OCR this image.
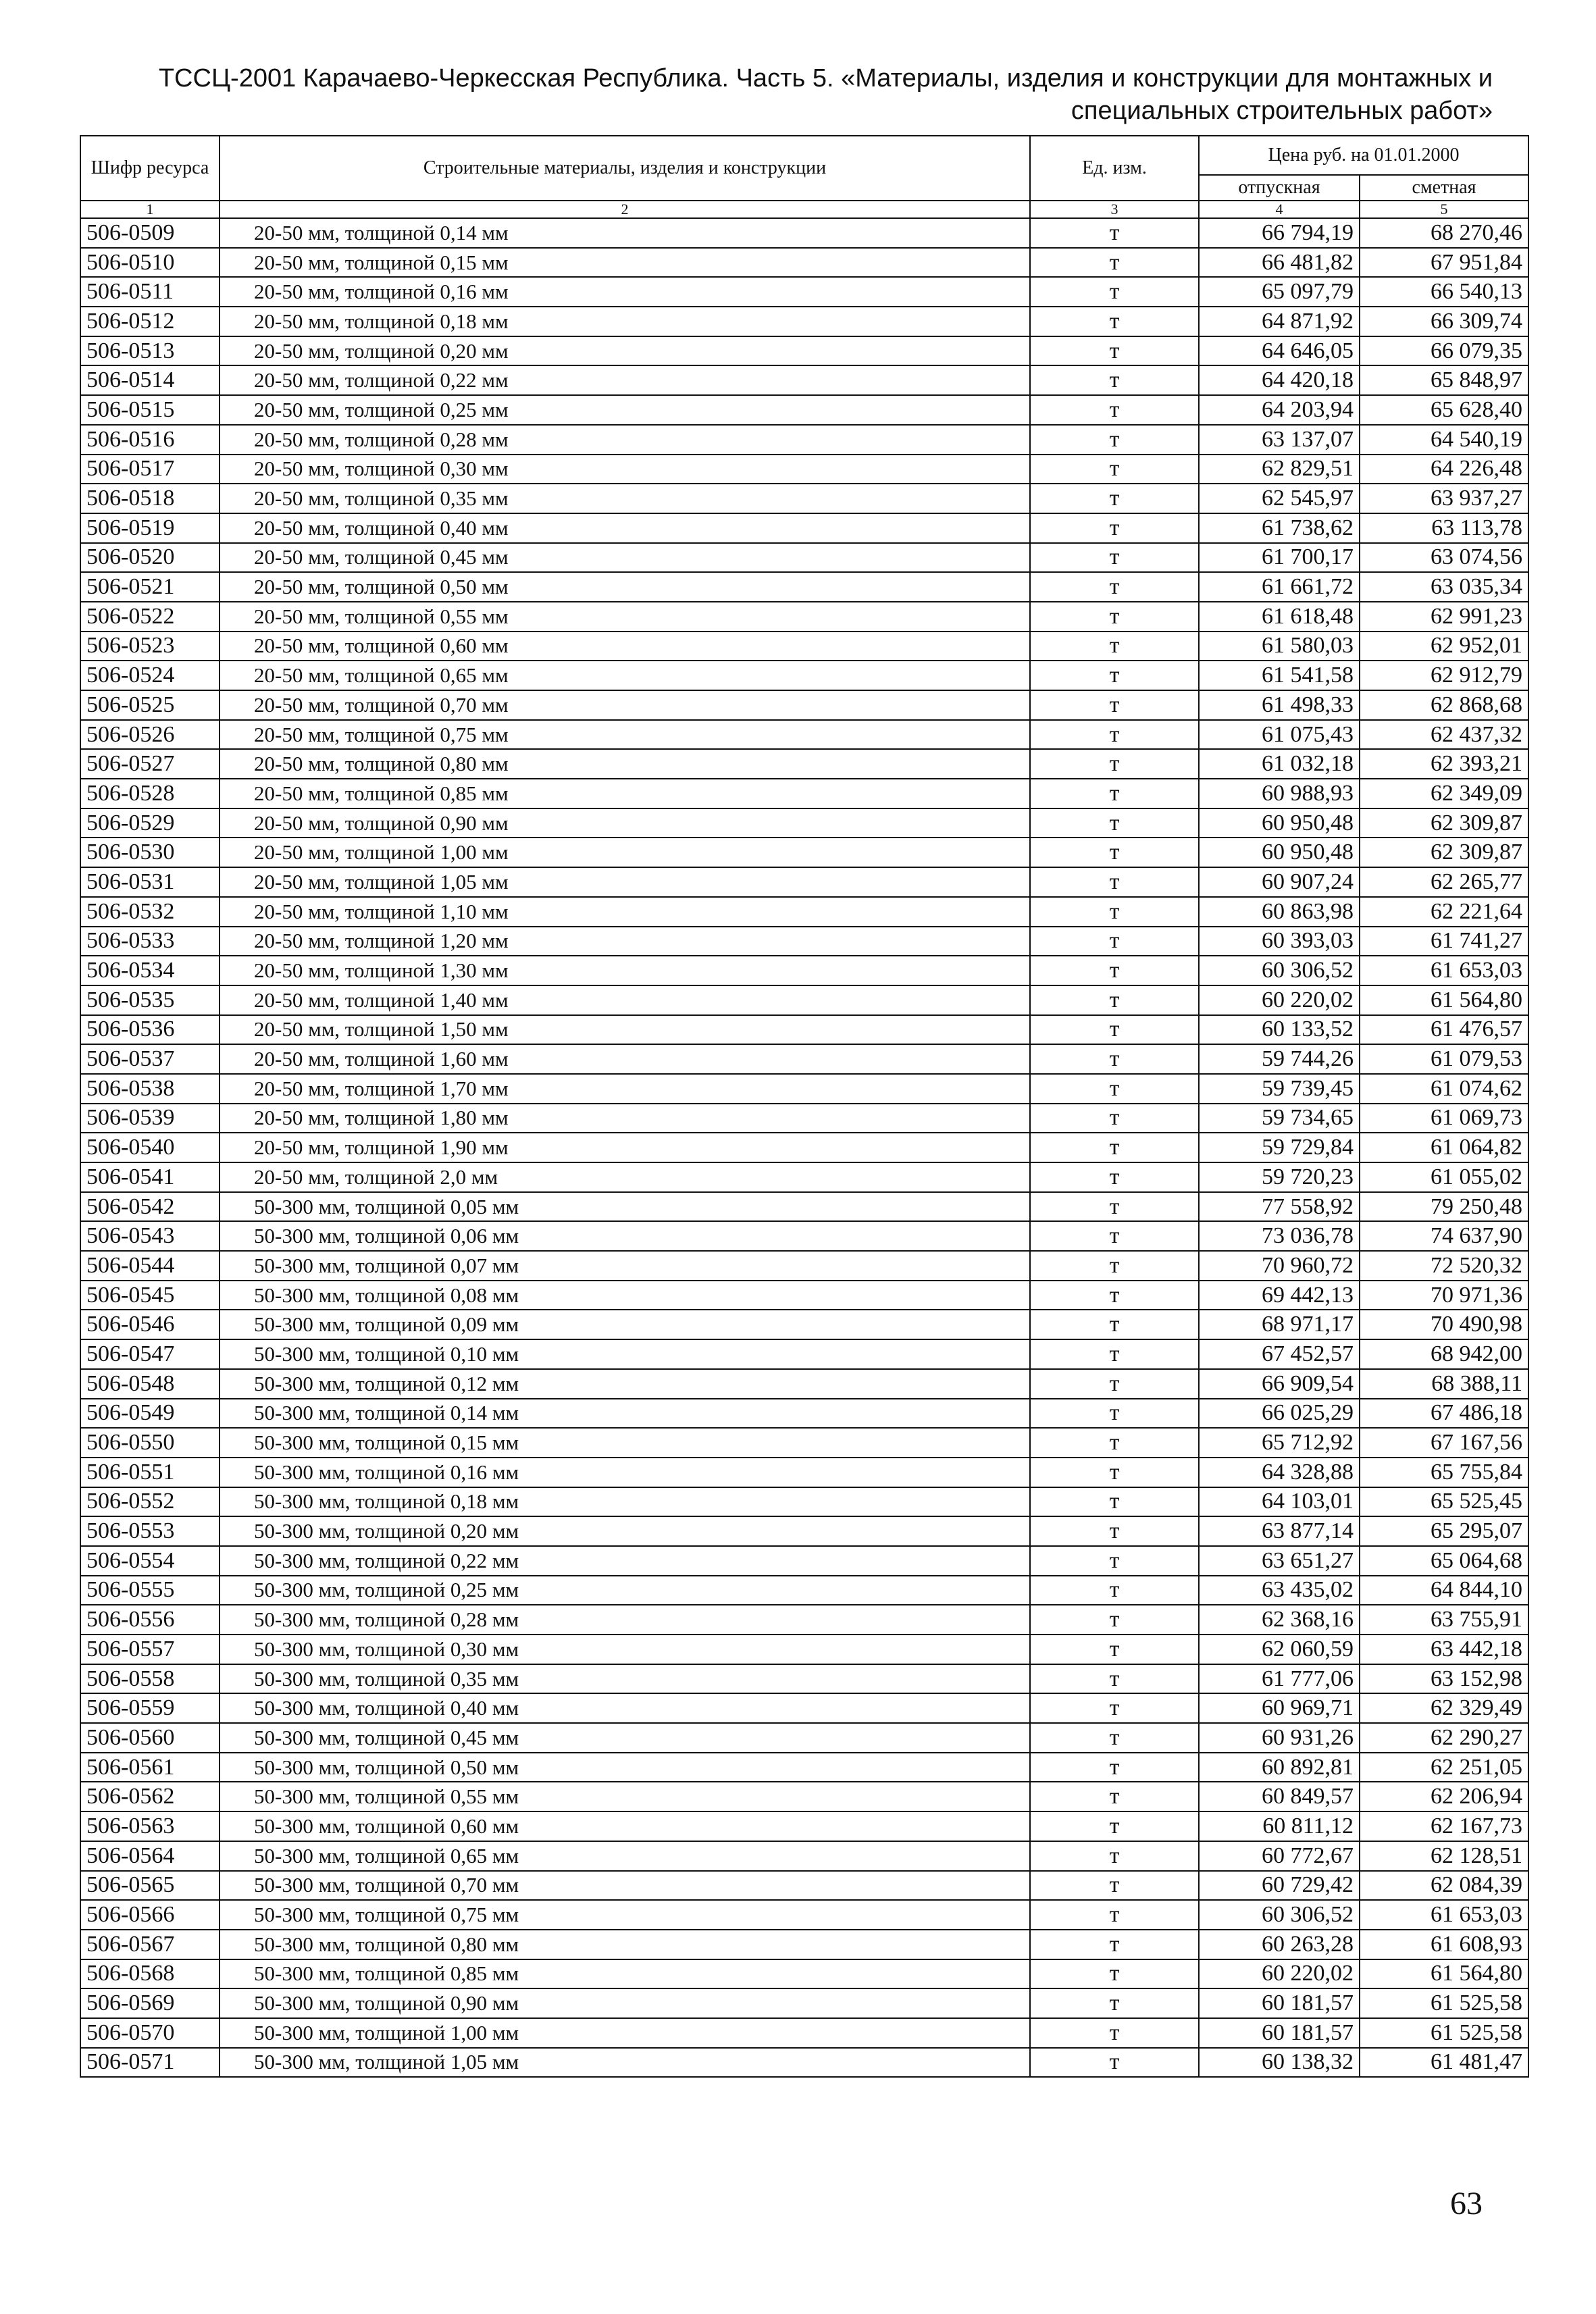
ТССЦ-2001 Карачаево-Черкесская Республика. Часть 5. «Материалы, изделия и конструкции для монтажных и
специальных строительных работ»
Шифр ресурса	Строительные материалы, изделия и конструкции	Ед. изм.	Цена руб. на 01.01.2000	
			отпускная	сметная
1	2	3	4	5
506-0509	20-50 мм, толщиной 0,14 мм	т	66 794,19	68 270,46
506-0510	20-50 мм, толщиной 0,15 мм	т	66 481,82	67 951,84
506-0511	20-50 мм, толщиной 0,16 мм	т	65 097,79	66 540,13
506-0512	20-50 мм, толщиной 0,18 мм	т	64 871,92	66 309,74
506-0513	20-50 мм, толщиной 0,20 мм	т	64 646,05	66 079,35
506-0514	20-50 мм, толщиной 0,22 мм	т	64 420,18	65 848,97
506-0515	20-50 мм, толщиной 0,25 мм	т	64 203,94	65 628,40
506-0516	20-50 мм, толщиной 0,28 мм	т	63 137,07	64 540,19
506-0517	20-50 мм, толщиной 0,30 мм	т	62 829,51	64 226,48
506-0518	20-50 мм, толщиной 0,35 мм	т	62 545,97	63 937,27
506-0519	20-50 мм, толщиной 0,40 мм	т	61 738,62	63 113,78
506-0520	20-50 мм, толщиной 0,45 мм	т	61 700,17	63 074,56
506-0521	20-50 мм, толщиной 0,50 мм	т	61 661,72	63 035,34
506-0522	20-50 мм, толщиной 0,55 мм	т	61 618,48	62 991,23
506-0523	20-50 мм, толщиной 0,60 мм	т	61 580,03	62 952,01
506-0524	20-50 мм, толщиной 0,65 мм	т	61 541,58	62 912,79
506-0525	20-50 мм, толщиной 0,70 мм	т	61 498,33	62 868,68
506-0526	20-50 мм, толщиной 0,75 мм	т	61 075,43	62 437,32
506-0527	20-50 мм, толщиной 0,80 мм	т	61 032,18	62 393,21
506-0528	20-50 мм, толщиной 0,85 мм	т	60 988,93	62 349,09
506-0529	20-50 мм, толщиной 0,90 мм	т	60 950,48	62 309,87
506-0530	20-50 мм, толщиной 1,00 мм	т	60 950,48	62 309,87
506-0531	20-50 мм, толщиной 1,05 мм	т	60 907,24	62 265,77
506-0532	20-50 мм, толщиной 1,10 мм	т	60 863,98	62 221,64
506-0533	20-50 мм, толщиной 1,20 мм	т	60 393,03	61 741,27
506-0534	20-50 мм, толщиной 1,30 мм	т	60 306,52	61 653,03
506-0535	20-50 мм, толщиной 1,40 мм	т	60 220,02	61 564,80
506-0536	20-50 мм, толщиной 1,50 мм	т	60 133,52	61 476,57
506-0537	20-50 мм, толщиной 1,60 мм	т	59 744,26	61 079,53
506-0538	20-50 мм, толщиной 1,70 мм	т	59 739,45	61 074,62
506-0539	20-50 мм, толщиной 1,80 мм	т	59 734,65	61 069,73
506-0540	20-50 мм, толщиной 1,90 мм	т	59 729,84	61 064,82
506-0541	20-50 мм, толщиной 2,0 мм	т	59 720,23	61 055,02
506-0542	50-300 мм, толщиной 0,05 мм	т	77 558,92	79 250,48
506-0543	50-300 мм, толщиной 0,06 мм	т	73 036,78	74 637,90
506-0544	50-300 мм, толщиной 0,07 мм	т	70 960,72	72 520,32
506-0545	50-300 мм, толщиной 0,08 мм	т	69 442,13	70 971,36
506-0546	50-300 мм, толщиной 0,09 мм	т	68 971,17	70 490,98
506-0547	50-300 мм, толщиной 0,10 мм	т	67 452,57	68 942,00
506-0548	50-300 мм, толщиной 0,12 мм	т	66 909,54	68 388,11
506-0549	50-300 мм, толщиной 0,14 мм	т	66 025,29	67 486,18
506-0550	50-300 мм, толщиной 0,15 мм	т	65 712,92	67 167,56
506-0551	50-300 мм, толщиной 0,16 мм	т	64 328,88	65 755,84
506-0552	50-300 мм, толщиной 0,18 мм	т	64 103,01	65 525,45
506-0553	50-300 мм, толщиной 0,20 мм	т	63 877,14	65 295,07
506-0554	50-300 мм, толщиной 0,22 мм	т	63 651,27	65 064,68
506-0555	50-300 мм, толщиной 0,25 мм	т	63 435,02	64 844,10
506-0556	50-300 мм, толщиной 0,28 мм	т	62 368,16	63 755,91
506-0557	50-300 мм, толщиной 0,30 мм	т	62 060,59	63 442,18
506-0558	50-300 мм, толщиной 0,35 мм	т	61 777,06	63 152,98
506-0559	50-300 мм, толщиной 0,40 мм	т	60 969,71	62 329,49
506-0560	50-300 мм, толщиной 0,45 мм	т	60 931,26	62 290,27
506-0561	50-300 мм, толщиной 0,50 мм	т	60 892,81	62 251,05
506-0562	50-300 мм, толщиной 0,55 мм	т	60 849,57	62 206,94
506-0563	50-300 мм, толщиной 0,60 мм	т	60 811,12	62 167,73
506-0564	50-300 мм, толщиной 0,65 мм	т	60 772,67	62 128,51
506-0565	50-300 мм, толщиной 0,70 мм	т	60 729,42	62 084,39
506-0566	50-300 мм, толщиной 0,75 мм	т	60 306,52	61 653,03
506-0567	50-300 мм, толщиной 0,80 мм	т	60 263,28	61 608,93
506-0568	50-300 мм, толщиной 0,85 мм	т	60 220,02	61 564,80
506-0569	50-300 мм, толщиной 0,90 мм	т	60 181,57	61 525,58
506-0570	50-300 мм, толщиной 1,00 мм	т	60 181,57	61 525,58
506-0571	50-300 мм, толщиной 1,05 мм	т	60 138,32	61 481,47
63
